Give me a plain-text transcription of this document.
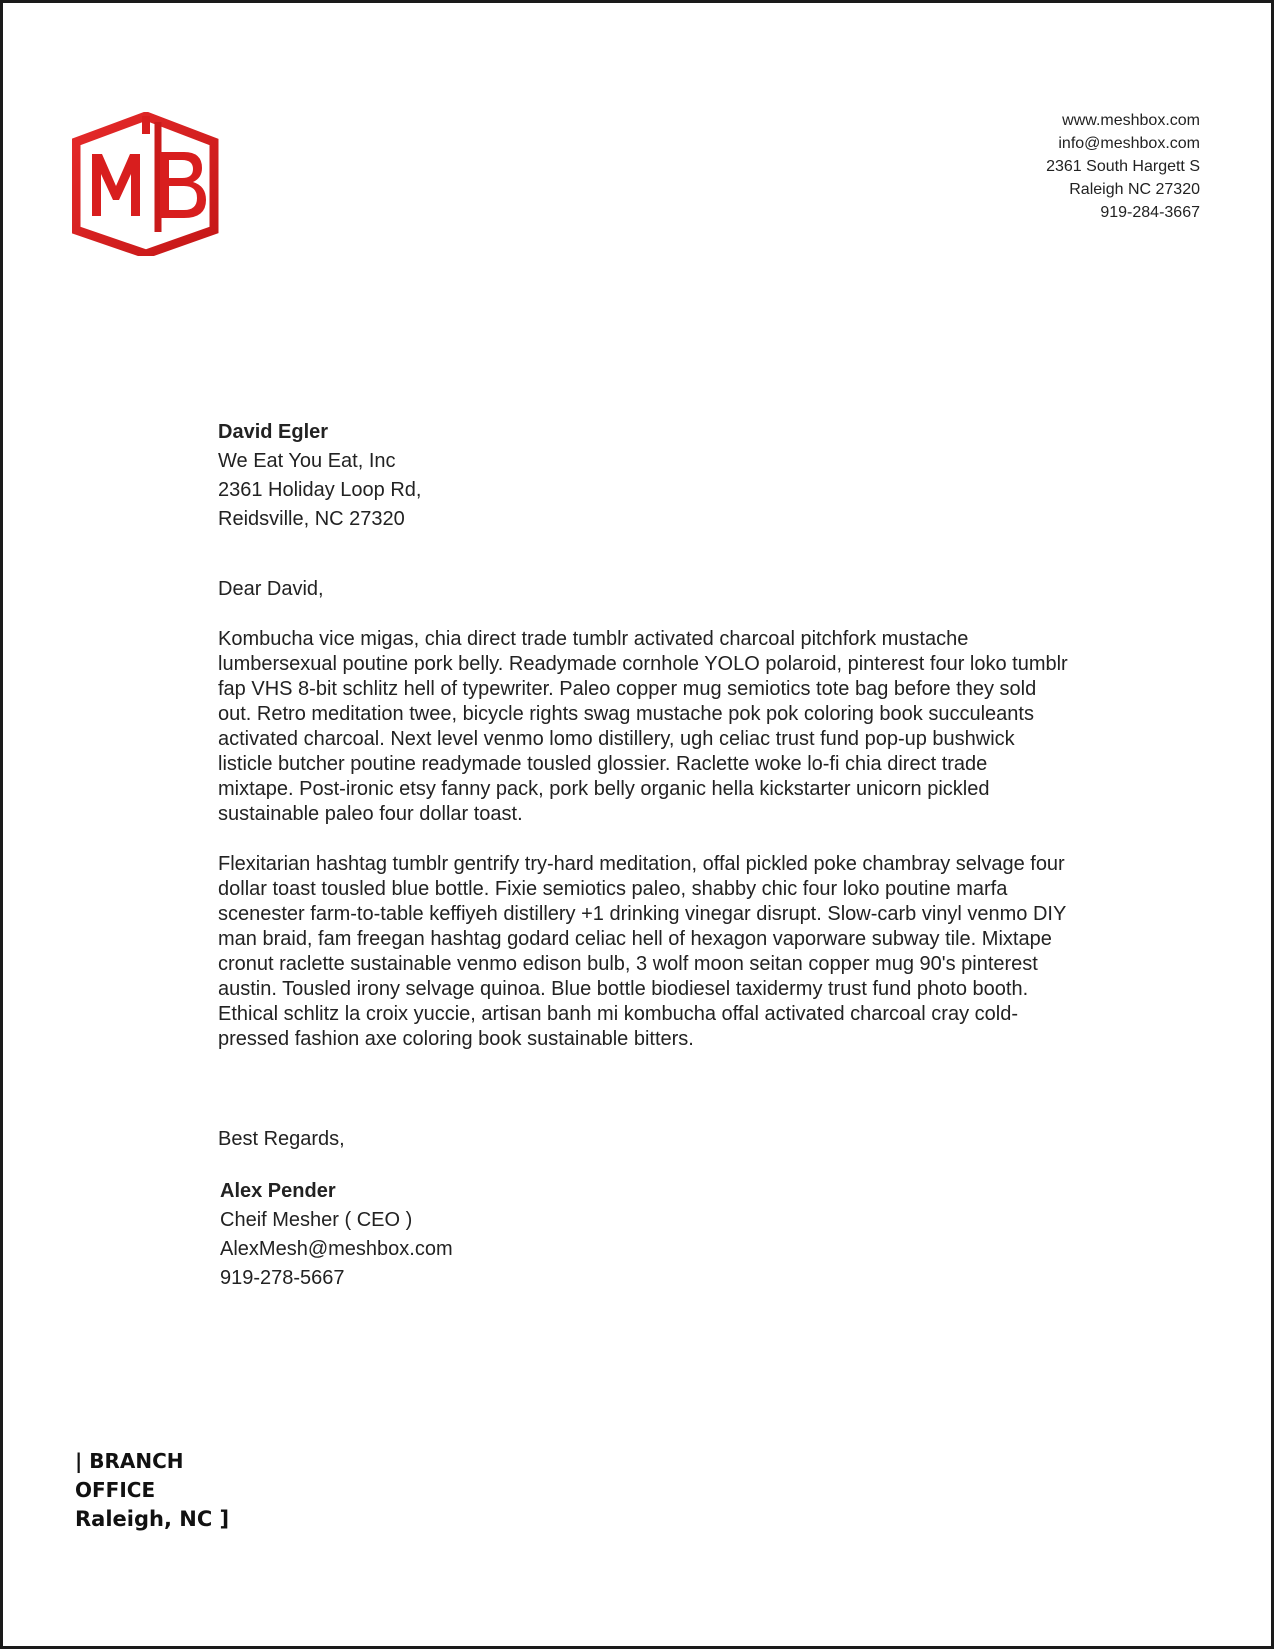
www.meshbox.com
info@meshbox.com
2361 South Hargett S
Raleigh NC 27320
919-284-3667
David Egler
We Eat You Eat, Inc
2361 Holiday Loop Rd,
Reidsville, NC 27320
Dear David,
Kombucha vice migas, chia direct trade tumblr activated charcoal pitchfork mustache lumbersexual poutine pork belly. Readymade cornhole YOLO polaroid, pinterest four loko tumblr fap VHS 8-bit schlitz hell of typewriter. Paleo copper mug semiotics tote bag before they sold out. Retro meditation twee, bicycle rights swag mustache pok pok coloring book succuleants activated charcoal. Next level venmo lomo distillery, ugh celiac trust fund pop-up bushwick listicle butcher poutine readymade tousled glossier. Raclette woke lo-fi chia direct trade mixtape. Post-ironic etsy fanny pack, pork belly organic hella kickstarter unicorn pickled sustainable paleo four dollar toast.
Flexitarian hashtag tumblr gentrify try-hard meditation, offal pickled poke chambray selvage four dollar toast tousled blue bottle. Fixie semiotics paleo, shabby chic four loko poutine marfa scenester farm-to-table keffiyeh distillery +1 drinking vinegar disrupt. Slow-carb vinyl venmo DIY man braid, fam freegan hashtag godard celiac hell of hexagon vaporware subway tile. Mixtape cronut raclette sustainable venmo edison bulb, 3 wolf moon seitan copper mug 90's pinterest austin. Tousled irony selvage quinoa. Blue bottle biodiesel taxidermy trust fund photo booth. Ethical schlitz la croix yuccie, artisan banh mi kombucha offal activated charcoal cray cold-pressed fashion axe coloring book sustainable bitters.
Best Regards,
Alex Pender
Cheif Mesher ( CEO )
AlexMesh@meshbox.com
919-278-5667
| BRANCH
OFFICE
Raleigh, NC ]
